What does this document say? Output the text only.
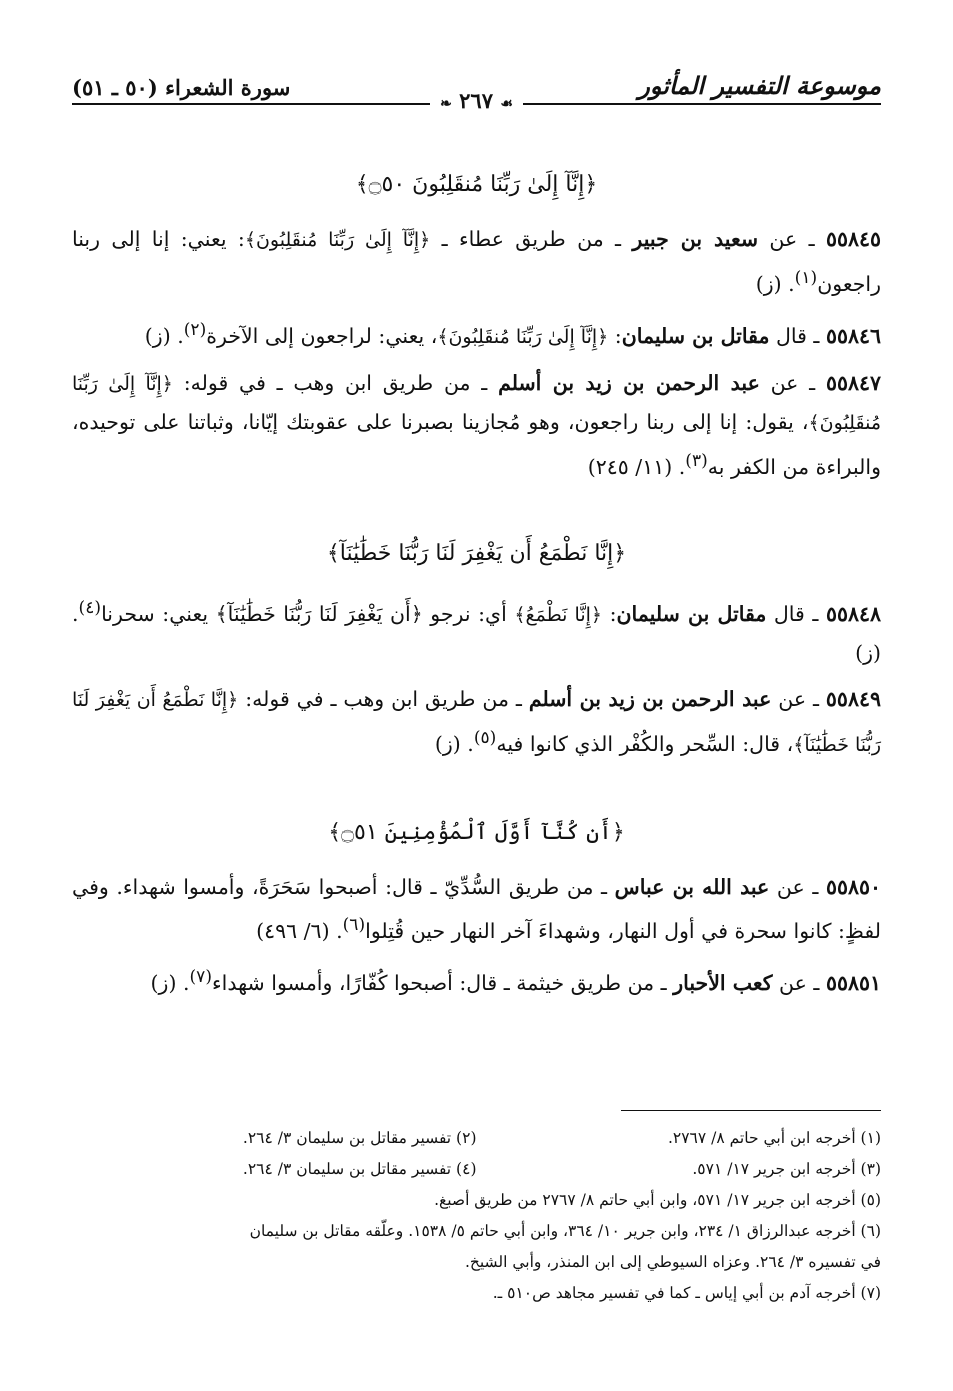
موسوعة التفسير المأثور
سورة الشعراء (٥٠ ـ ٥١)
☙ ٢٦٧ ❧
﴿إِنَّآ إِلَىٰ رَبِّنَا مُنقَلِبُونَ ۝٥٠﴾

٥٥٨٤٥ ـ عن سعيد بن جبير ـ من طريق عطاء ـ ﴿إِنَّآ إِلَىٰ رَبِّنَا مُنقَلِبُونَ﴾: يعني: إنا إلى ربنا راجعون$^{(١)}$. (ز)

٥٥٨٤٦ ـ قال مقاتل بن سليمان: ﴿إِنَّآ إِلَىٰ رَبِّنَا مُنقَلِبُونَ﴾، يعني: لراجعون إلى الآخرة$^{(٢)}$. (ز)

٥٥٨٤٧ ـ عن عبد الرحمن بن زيد بن أسلم ـ من طريق ابن وهب ـ في قوله: ﴿إِنَّآ إِلَىٰ رَبِّنَا مُنقَلِبُونَ﴾، يقول: إنا إلى ربنا راجعون، وهو مُجازينا بصبرنا على عقوبتك إيّانا، وثباتنا على توحيده، والبراءة من الكفر به$^{(٣)}$. (١١/ ٢٤٥)

﴿إِنَّا نَطْمَعُ أَن يَغْفِرَ لَنَا رَبُّنَا خَطَٰيَٰنَآ﴾

٥٥٨٤٨ ـ قال مقاتل بن سليمان: ﴿إِنَّا نَطْمَعُ﴾ أي: نرجو ﴿أَن يَغْفِرَ لَنَا رَبُّنَا خَطَٰيَٰنَآ﴾ يعني: سحرنا$^{(٤)}$. (ز)

٥٥٨٤٩ ـ عن عبد الرحمن بن زيد بن أسلم ـ من طريق ابن وهب ـ في قوله: ﴿إِنَّا نَطْمَعُ أَن يَغْفِرَ لَنَا رَبُّنَا خَطَٰيَٰنَآ﴾، قال: السِّحر والكُفْر الذي كانوا فيه$^{(٥)}$. (ز)

﴿أَن كُنَّآ أَوَّلَ ٱلْمُؤْمِنِينَ ۝٥١﴾

٥٥٨٥٠ ـ عن عبد الله بن عباس ـ من طريق السُّدِّيّ ـ قال: أصبحوا سَحَرَةً، وأمسوا شهداء. وفي لفظٍ: كانوا سحرة في أول النهار، وشهداءَ آخر النهار حين قُتِلوا$^{(٦)}$. (٦/ ٤٩٦)

٥٥٨٥١ ـ عن كعب الأحبار ـ من طريق خيثمة ـ قال: أصبحوا كُفّارًا، وأمسوا شهداء$^{(٧)}$. (ز)

(١) أخرجه ابن أبي حاتم ٨/ ٢٧٦٧.
(٢) تفسير مقاتل بن سليمان ٣/ ٢٦٤.
(٣) أخرجه ابن جرير ١٧/ ٥٧١.
(٤) تفسير مقاتل بن سليمان ٣/ ٢٦٤.
(٥) أخرجه ابن جرير ١٧/ ٥٧١، وابن أبي حاتم ٨/ ٢٧٦٧ من طريق أصبغ.
(٦) أخرجه عبدالرزاق ١/ ٢٣٤، وابن جرير ١٠/ ٣٦٤، وابن أبي حاتم ٥/ ١٥٣٨. وعلّقه مقاتل بن سليمان
في تفسيره ٣/ ٢٦٤. وعزاه السيوطي إلى ابن المنذر، وأبي الشيخ.
(٧) أخرجه آدم بن أبي إياس ـ كما في تفسير مجاهد ص٥١٠ ـ.
